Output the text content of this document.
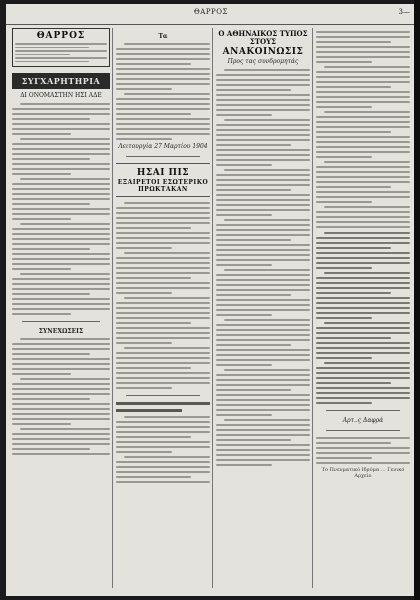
ΘΑΡΡΟΣ	3—
ΘΑΡΡΟΣ
ΣΥΓΧΑΡΗΤΗΡΙΑ
ΔΙ ΟΝΟΜΑΣΤΗΝ ΗΣΙ ΑΔΕ
ΣΥΝΕΧΩΣΕΙΣ
Τα
Λειτουργία 27 Μαρτίου 1904
ΗΣΑΙ ΠΙΣ
ΕΞΑΙΡΕΤΟΙ ΕΣΩΤΕΡΙΚΟ
ΠΡΩΚΤΑΚΑΝ
Ο ΑΘΗΝΑΙΚΟΣ ΤΥΠΟΣ ΣΤΟΥΣ
ΑΝΑΚΟΙΝΩΣΙΣ
Προς τας συνδρομητάς
Αρτ..ς Δαφρά
Το Πνευματικό Ιδρύμα ... Γενικό Αρχείο
